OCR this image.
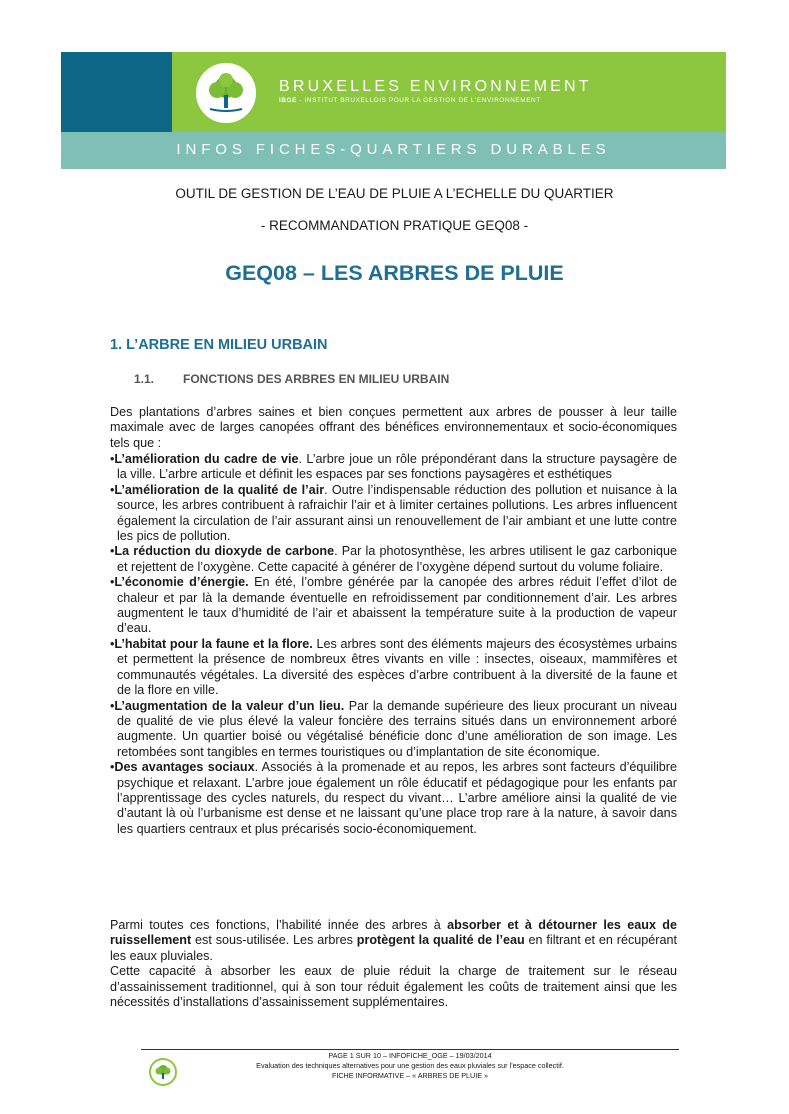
BRUXELLES ENVIRONNEMENT
IBGE - INSTITUT BRUXELLOIS POUR LA GESTION DE L'ENVIRONNEMENT
INFOS FICHES-QUARTIERS DURABLES
OUTIL DE GESTION DE L’EAU DE PLUIE A L’ECHELLE DU QUARTIER
- RECOMMANDATION PRATIQUE GEQ08 -
GEQ08 – LES ARBRES DE PLUIE
1. L’ARBRE EN MILIEU URBAIN
1.1. FONCTIONS DES ARBRES EN MILIEU URBAIN
Des plantations d’arbres saines et bien conçues permettent aux arbres de pousser à leur taille maximale avec de larges canopées offrant des bénéfices environnementaux et socio-économiques tels que :
•L’amélioration du cadre de vie. L’arbre joue un rôle prépondérant dans la structure paysagère de la ville. L’arbre articule et définit les espaces par ses fonctions paysagères et esthétiques
•L’amélioration de la qualité de l’air. Outre l’indispensable réduction des pollution et nuisance à la source, les arbres contribuent à rafraichir l’air et à limiter certaines pollutions. Les arbres influencent également la circulation de l’air assurant ainsi un renouvellement de l’air ambiant et une lutte contre les pics de pollution.
•La réduction du dioxyde de carbone. Par la photosynthèse, les arbres utilisent le gaz carbonique et rejettent de l’oxygène. Cette capacité à générer de l’oxygène dépend surtout du volume foliaire.
•L’économie d’énergie. En été, l’ombre générée par la canopée des arbres réduit l’effet d’ilot de chaleur et par là la demande éventuelle en refroidissement par conditionnement d’air. Les arbres augmentent le taux d’humidité de l’air et abaissent la température suite à la production de vapeur d’eau.
•L’habitat pour la faune et la flore. Les arbres sont des éléments majeurs des écosystèmes urbains et permettent la présence de nombreux êtres vivants en ville : insectes, oiseaux, mammifères et communautés végétales. La diversité des espèces d’arbre contribuent à la diversité de la faune et de la flore en ville.
•L’augmentation de la valeur d’un lieu. Par la demande supérieure des lieux procurant un niveau de qualité de vie plus élevé la valeur foncière des terrains situés dans un environnement arboré augmente. Un quartier boisé ou végétalisé bénéficie donc d’une amélioration de son image. Les retombées sont tangibles en termes touristiques ou d’implantation de site économique.
•Des avantages sociaux. Associés à la promenade et au repos, les arbres sont facteurs d’équilibre psychique et relaxant. L’arbre joue également un rôle éducatif et pédagogique pour les enfants par l’apprentissage des cycles naturels, du respect du vivant… L’arbre améliore ainsi la qualité de vie d’autant là où l’urbanisme est dense et ne laissant qu’une place trop rare à la nature, à savoir dans les quartiers centraux et plus précarisés socio-économiquement.
Parmi toutes ces fonctions, l’habilité innée des arbres à absorber et à détourner les eaux de ruissellement est sous-utilisée. Les arbres protègent la qualité de l’eau en filtrant et en récupérant les eaux pluviales.
Cette capacité à absorber les eaux de pluie réduit la charge de traitement sur le réseau d’assainissement traditionnel, qui à son tour réduit également les coûts de traitement ainsi que les nécessités d’installations d’assainissement supplémentaires.
PAGE 1 SUR 10 – INFOFICHE_OGE – 19/03/2014
Evaluation des techniques alternatives pour une gestion des eaux pluviales sur l’espace collectif.
FICHE INFORMATIVE – « ARBRES DE PLUIE »
